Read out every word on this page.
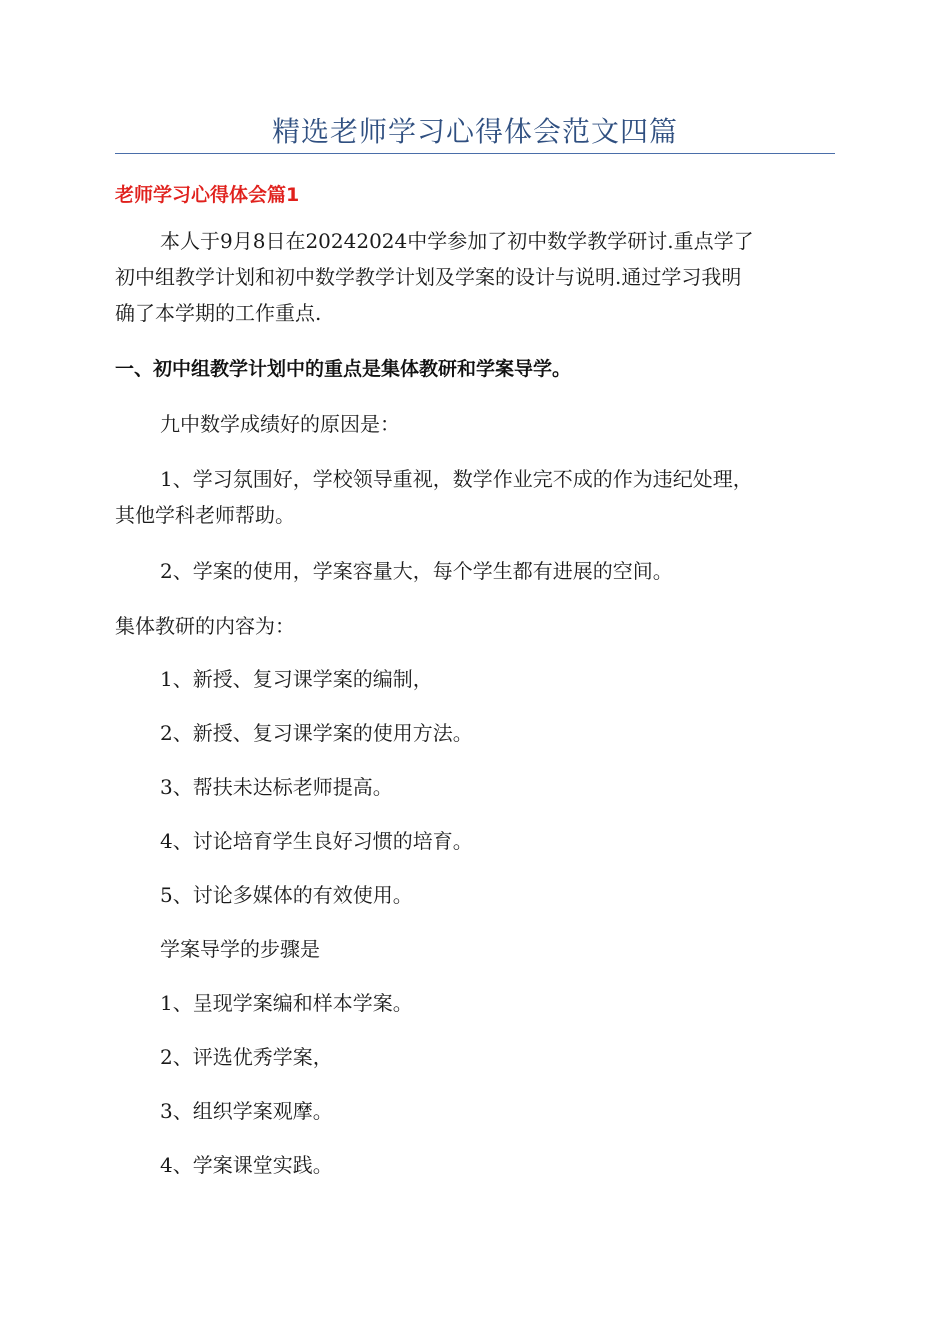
精选老师学习心得体会范文四篇
老师学习心得体会篇1
本人于9月8日在20242024中学参加了初中数学教学研讨.重点学了
初中组教学计划和初中数学教学计划及学案的设计与说明.通过学习我明
确了本学期的工作重点.
一、初中组教学计划中的重点是集体教研和学案导学。
九中数学成绩好的原因是：
1、学习氛围好，学校领导重视，数学作业完不成的作为违纪处理，
其他学科老师帮助。
2、学案的使用，学案容量大，每个学生都有进展的空间。
集体教研的内容为：
1、新授、复习课学案的编制，
2、新授、复习课学案的使用方法。
3、帮扶未达标老师提高。
4、讨论培育学生良好习惯的培育。
5、讨论多媒体的有效使用。
学案导学的步骤是
1、呈现学案编和样本学案。
2、评选优秀学案，
3、组织学案观摩。
4、学案课堂实践。
